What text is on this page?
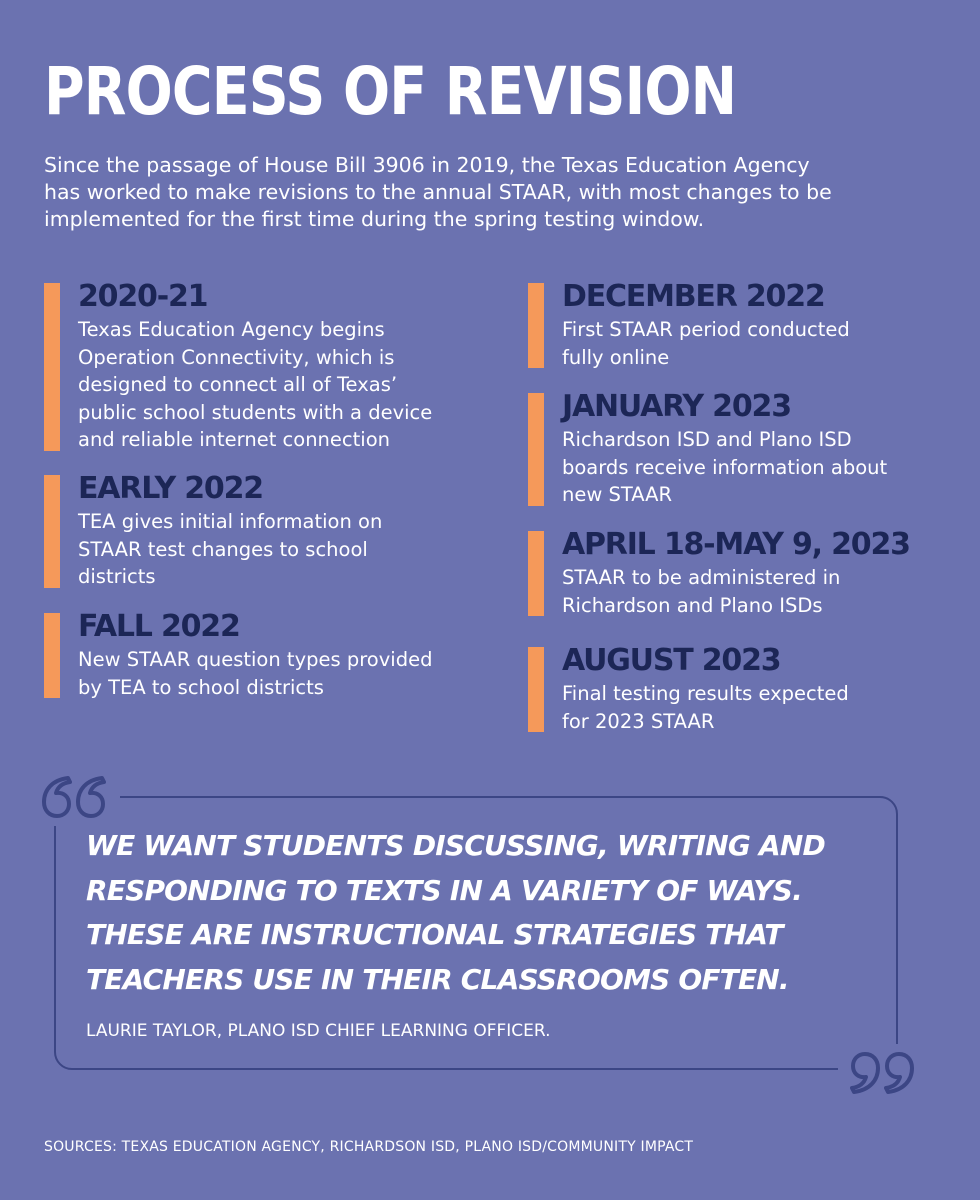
PROCESS OF REVISION

Since the passage of House Bill 3906 in 2019, the Texas Education Agency
has worked to make revisions to the annual STAAR, with most changes to be
implemented for the first time during the spring testing window.

2020-21

Texas Education Agency begins
Operation Connectivity, which is
designed to connect all of Texas’
public school students with a device
and reliable internet connection

EARLY 2022

TEA gives initial information on
STAAR test changes to school
districts

FALL 2022

New STAAR question types provided
by TEA to school districts

DECEMBER 2022

First STAAR period conducted
fully online

JANUARY 2023

Richardson ISD and Plano ISD
boards receive information about
new STAAR

APRIL 18-MAY 9, 2023

STAAR to be administered in
Richardson and Plano ISDs

AUGUST 2023

Final testing results expected
for 2023 STAAR

WE WANT STUDENTS DISCUSSING, WRITING AND
RESPONDING TO TEXTS IN A VARIETY OF WAYS.
THESE ARE INSTRUCTIONAL STRATEGIES THAT
TEACHERS USE IN THEIR CLASSROOMS OFTEN.

LAURIE TAYLOR, PLANO ISD CHIEF LEARNING OFFICER.

SOURCES: TEXAS EDUCATION AGENCY, RICHARDSON ISD, PLANO ISD/COMMUNITY IMPACT
